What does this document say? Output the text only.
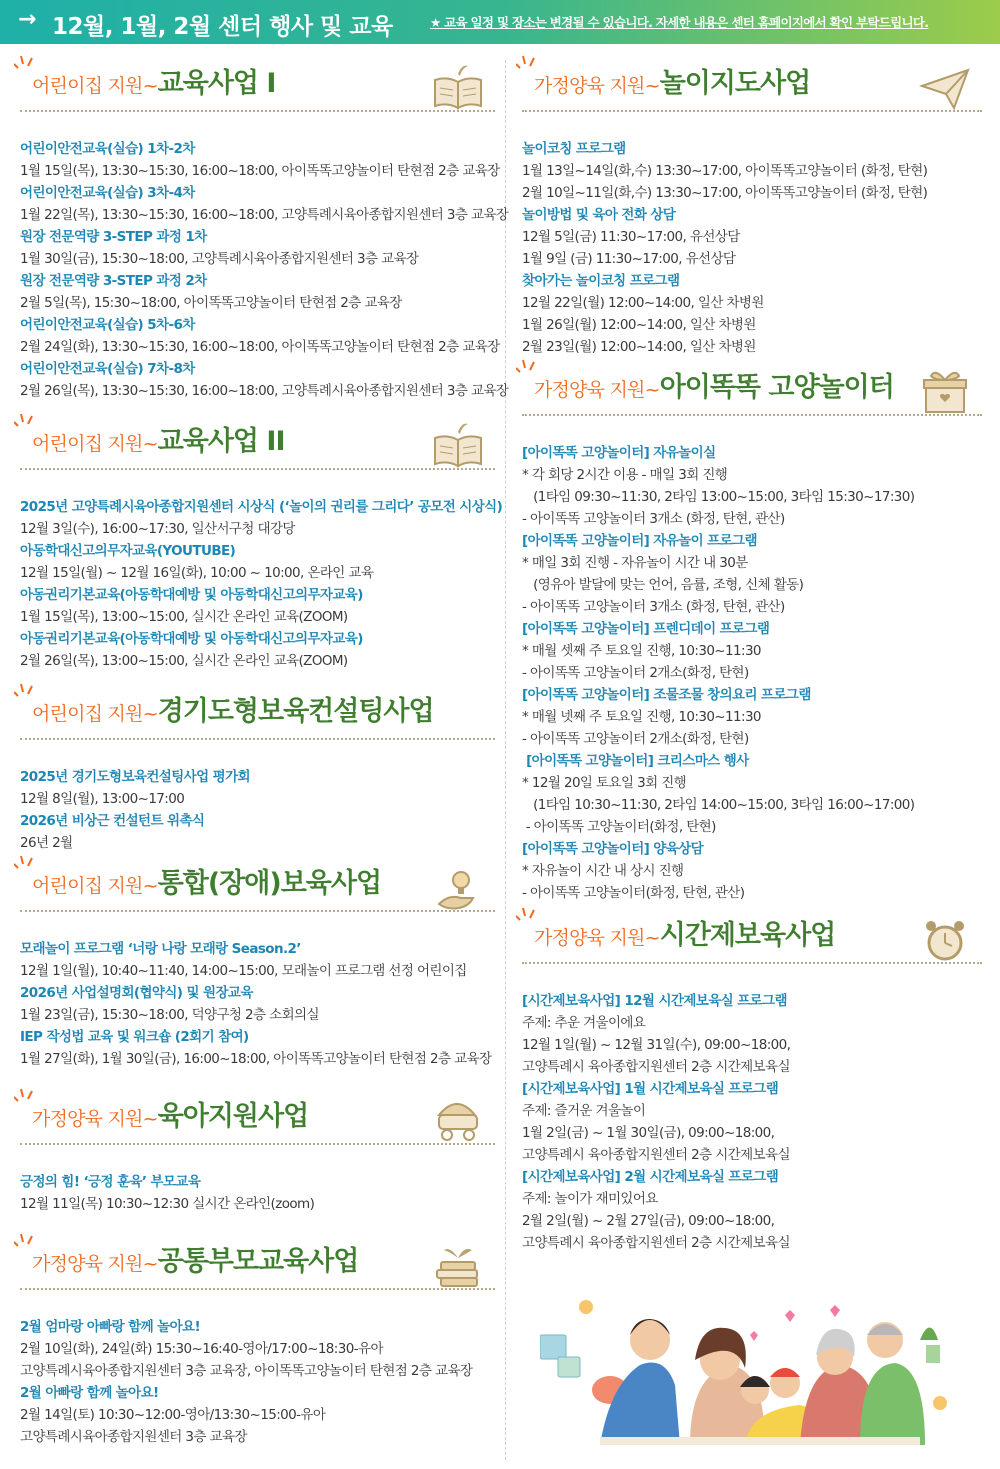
→ 12월, 1월, 2월 센터 행사 및 교육	★ 교육 일정 및 장소는 변경될 수 있습니다. 자세한 내용은 센터 홈페이지에서 확인 부탁드립니다.
어린이집 지원~교육사업 I
어린이안전교육(실습) 1차-2차
1월 15일(목), 13:30~15:30, 16:00~18:00, 아이똑똑고양놀이터 탄현점 2층 교육장
어린이안전교육(실습) 3차-4차
1월 22일(목), 13:30~15:30, 16:00~18:00, 고양특례시육아종합지원센터 3층 교육장
원장 전문역량 3-STEP 과정 1차
1월 30일(금), 15:30~18:00, 고양특례시육아종합지원센터 3층 교육장
원장 전문역량 3-STEP 과정 2차
2월 5일(목), 15:30~18:00, 아이똑똑고양놀이터 탄현점 2층 교육장
어린이안전교육(실습) 5차-6차
2월 24일(화), 13:30~15:30, 16:00~18:00, 아이똑똑고양놀이터 탄현점 2층 교육장
어린이안전교육(실습) 7차-8차
2월 26일(목), 13:30~15:30, 16:00~18:00, 고양특례시육아종합지원센터 3층 교육장
어린이집 지원~교육사업 II
2025년 고양특례시육아종합지원센터 시상식 (‘놀이의 권리를 그리다’ 공모전 시상식)
12월 3일(수), 16:00~17:30, 일산서구청 대강당
아동학대신고의무자교육(YOUTUBE)
12월 15일(월) ~ 12월 16일(화), 10:00 ~ 10:00, 온라인 교육
아동권리기본교육(아동학대예방 및 아동학대신고의무자교육)
1월 15일(목), 13:00~15:00, 실시간 온라인 교육(ZOOM)
아동권리기본교육(아동학대예방 및 아동학대신고의무자교육)
2월 26일(목), 13:00~15:00, 실시간 온라인 교육(ZOOM)
어린이집 지원~경기도형보육컨설팅사업
2025년 경기도형보육컨설팅사업 평가회
12월 8일(월), 13:00~17:00
2026년 비상근 컨설턴트 위촉식
26년 2월
어린이집 지원~통합(장애)보육사업
모래놀이 프로그램 ‘너랑 나랑 모래랑 Season.2’
12월 1일(월), 10:40~11:40, 14:00~15:00, 모래놀이 프로그램 선정 어린이집
2026년 사업설명회(협약식) 및 원장교육
1월 23일(금), 15:30~18:00, 덕양구청 2층 소회의실
IEP 작성법 교육 및 워크숍 (2회기 참여)
1월 27일(화), 1월 30일(금), 16:00~18:00, 아이똑똑고양놀이터 탄현점 2층 교육장
가정양육 지원~육아지원사업
긍정의 힘! ‘긍정 훈육’ 부모교육
12월 11일(목) 10:30~12:30 실시간 온라인(zoom)
가정양육 지원~공통부모교육사업
2월 엄마랑 아빠랑 함께 놀아요!
2월 10일(화), 24일(화) 15:30~16:40-영아/17:00~18:30-유아
고양특례시육아종합지원센터 3층 교육장, 아이똑똑고양놀이터 탄현점 2층 교육장
2월 아빠랑 함께 놀아요!
2월 14일(토) 10:30~12:00-영아/13:30~15:00-유아
고양특례시육아종합지원센터 3층 교육장
가정양육 지원~놀이지도사업
놀이코칭 프로그램
1월 13일~14일(화,수) 13:30~17:00, 아이똑똑고양놀이터 (화정, 탄현)
2월 10일~11일(화,수) 13:30~17:00, 아이똑똑고양놀이터 (화정, 탄현)
놀이방법 및 육아 전화 상담
12월 5일(금) 11:30~17:00, 유선상담
1월 9일 (금) 11:30~17:00, 유선상담
찾아가는 놀이코칭 프로그램
12월 22일(월) 12:00~14:00, 일산 차병원
1월 26일(월) 12:00~14:00, 일산 차병원
2월 23일(월) 12:00~14:00, 일산 차병원
가정양육 지원~아이똑똑 고양놀이터
[아이똑똑 고양놀이터] 자유놀이실
* 각 회당 2시간 이용 - 매일 3회 진행
(1타임 09:30~11:30, 2타임 13:00~15:00, 3타임 15:30~17:30)
- 아이똑똑 고양놀이터 3개소 (화정, 탄현, 관산)
[아이똑똑 고양놀이터] 자유놀이 프로그램
* 매일 3회 진행 - 자유놀이 시간 내 30분
(영유아 발달에 맞는 언어, 음률, 조형, 신체 활동)
- 아이똑똑 고양놀이터 3개소 (화정, 탄현, 관산)
[아이똑똑 고양놀이터] 프렌디데이 프로그램
* 매월 셋째 주 토요일 진행, 10:30~11:30
- 아이똑똑 고양놀이터 2개소(화정, 탄현)
[아이똑똑 고양놀이터] 조물조물 창의요리 프로그램
* 매월 넷째 주 토요일 진행, 10:30~11:30
- 아이똑똑 고양놀이터 2개소(화정, 탄현)
[아이똑똑 고양놀이터] 크리스마스 행사
* 12월 20일 토요일 3회 진행
(1타임 10:30~11:30, 2타임 14:00~15:00, 3타임 16:00~17:00)
- 아이똑똑 고양놀이터(화정, 탄현)
[아이똑똑 고양놀이터] 양육상담
* 자유놀이 시간 내 상시 진행
- 아이똑똑 고양놀이터(화정, 탄현, 관산)
가정양육 지원~시간제보육사업
[시간제보육사업] 12월 시간제보육실 프로그램
주제: 추운 겨울이에요
12월 1일(월) ~ 12월 31일(수), 09:00~18:00,
고양특례시 육아종합지원센터 2층 시간제보육실
[시간제보육사업] 1월 시간제보육실 프로그램
주제: 즐거운 겨울놀이
1월 2일(금) ~ 1월 30일(금), 09:00~18:00,
고양특례시 육아종합지원센터 2층 시간제보육실
[시간제보육사업] 2월 시간제보육실 프로그램
주제: 놀이가 재미있어요
2월 2일(월) ~ 2월 27일(금), 09:00~18:00,
고양특례시 육아종합지원센터 2층 시간제보육실
